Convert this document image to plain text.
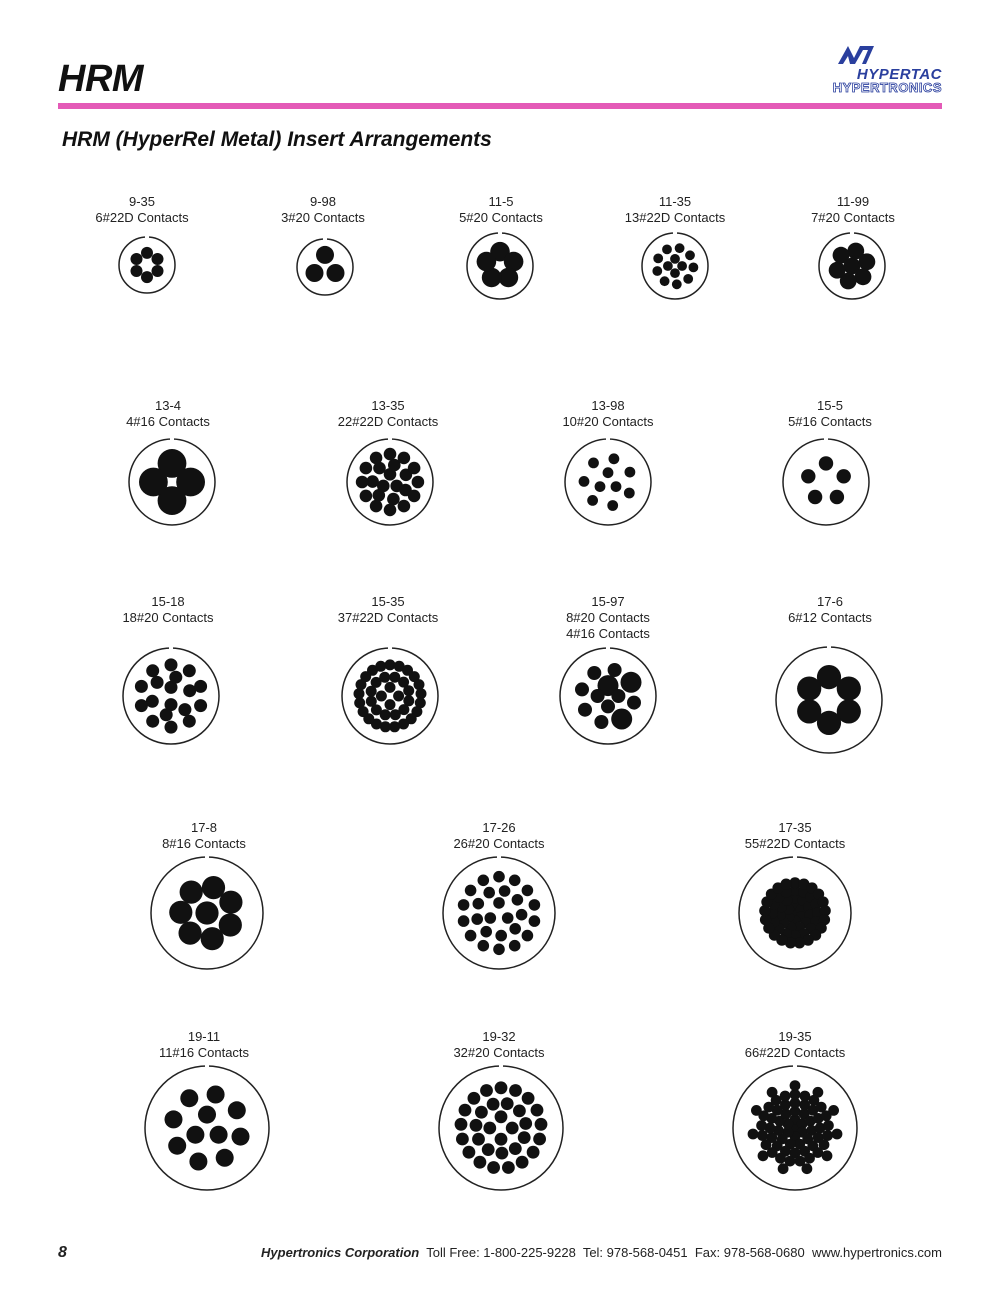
HRM	HYPERTAC
HYPERTRONICS
HRM (HyperRel Metal) Insert Arrangements
9-35
6#22D Contacts
9-98
3#20 Contacts
11-5
5#20 Contacts
11-35
13#22D Contacts
11-99
7#20 Contacts
13-4
4#16 Contacts
13-35
22#22D Contacts
13-98
10#20 Contacts
15-5
5#16 Contacts
15-18
18#20 Contacts
15-35
37#22D Contacts
15-97
8#20 Contacts
4#16 Contacts
17-6
6#12 Contacts
17-8
8#16 Contacts
17-26
26#20 Contacts
17-35
55#22D Contacts
19-11
11#16 Contacts
19-32
32#20 Contacts
19-35
66#22D Contacts
8	Hypertronics Corporation Toll Free: 1-800-225-9228 Tel: 978-568-0451 Fax: 978-568-0680 www.hypertronics.com
